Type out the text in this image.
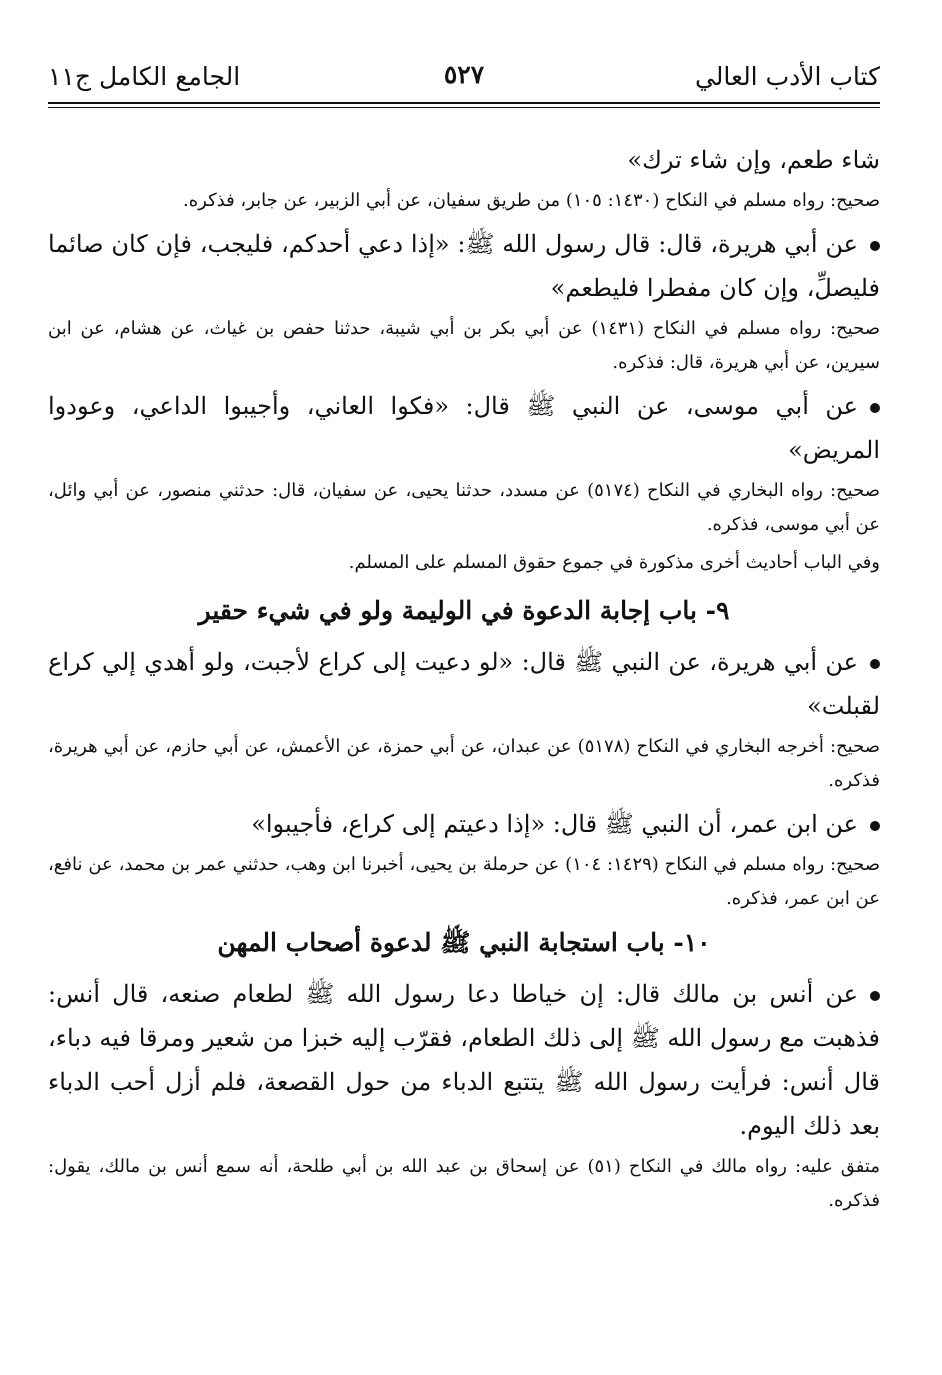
كتاب الأدب العالي
٥٢٧
الجامع الكامل ج١١

شاء طعم، وإن شاء ترك»

صحيح: رواه مسلم في النكاح (١٤٣٠: ١٠٥) من طريق سفيان، عن أبي الزبير، عن جابر، فذكره.

عن أبي هريرة، قال: قال رسول الله ﷺ: «إذا دعي أحدكم، فليجب، فإن كان صائما فليصلِّ، وإن كان مفطرا فليطعم»

صحيح: رواه مسلم في النكاح (١٤٣١) عن أبي بكر بن أبي شيبة، حدثنا حفص بن غياث، عن هشام، عن ابن سيرين، عن أبي هريرة، قال: فذكره.

عن أبي موسى، عن النبي ﷺ قال: «فكوا العاني، وأجيبوا الداعي، وعودوا المريض»

صحيح: رواه البخاري في النكاح (٥١٧٤) عن مسدد، حدثنا يحيى، عن سفيان، قال: حدثني منصور، عن أبي وائل، عن أبي موسى، فذكره.

وفي الباب أحاديث أخرى مذكورة في جموع حقوق المسلم على المسلم.

٩- باب إجابة الدعوة في الوليمة ولو في شيء حقير

عن أبي هريرة، عن النبي ﷺ قال: «لو دعيت إلى كراع لأجبت، ولو أهدي إلي كراع لقبلت»

صحيح: أخرجه البخاري في النكاح (٥١٧٨) عن عبدان، عن أبي حمزة، عن الأعمش، عن أبي حازم، عن أبي هريرة، فذكره.

عن ابن عمر، أن النبي ﷺ قال: «إذا دعيتم إلى كراع، فأجيبوا»

صحيح: رواه مسلم في النكاح (١٤٢٩: ١٠٤) عن حرملة بن يحيى، أخبرنا ابن وهب، حدثني عمر بن محمد، عن نافع، عن ابن عمر، فذكره.

١٠- باب استجابة النبي ﷺ لدعوة أصحاب المهن

عن أنس بن مالك قال: إن خياطا دعا رسول الله ﷺ لطعام صنعه، قال أنس: فذهبت مع رسول الله ﷺ إلى ذلك الطعام، فقرّب إليه خبزا من شعير ومرقا فيه دباء، قال أنس: فرأيت رسول الله ﷺ يتتبع الدباء من حول القصعة، فلم أزل أحب الدباء بعد ذلك اليوم.

متفق عليه: رواه مالك في النكاح (٥١) عن إسحاق بن عبد الله بن أبي طلحة، أنه سمع أنس بن مالك، يقول: فذكره.
